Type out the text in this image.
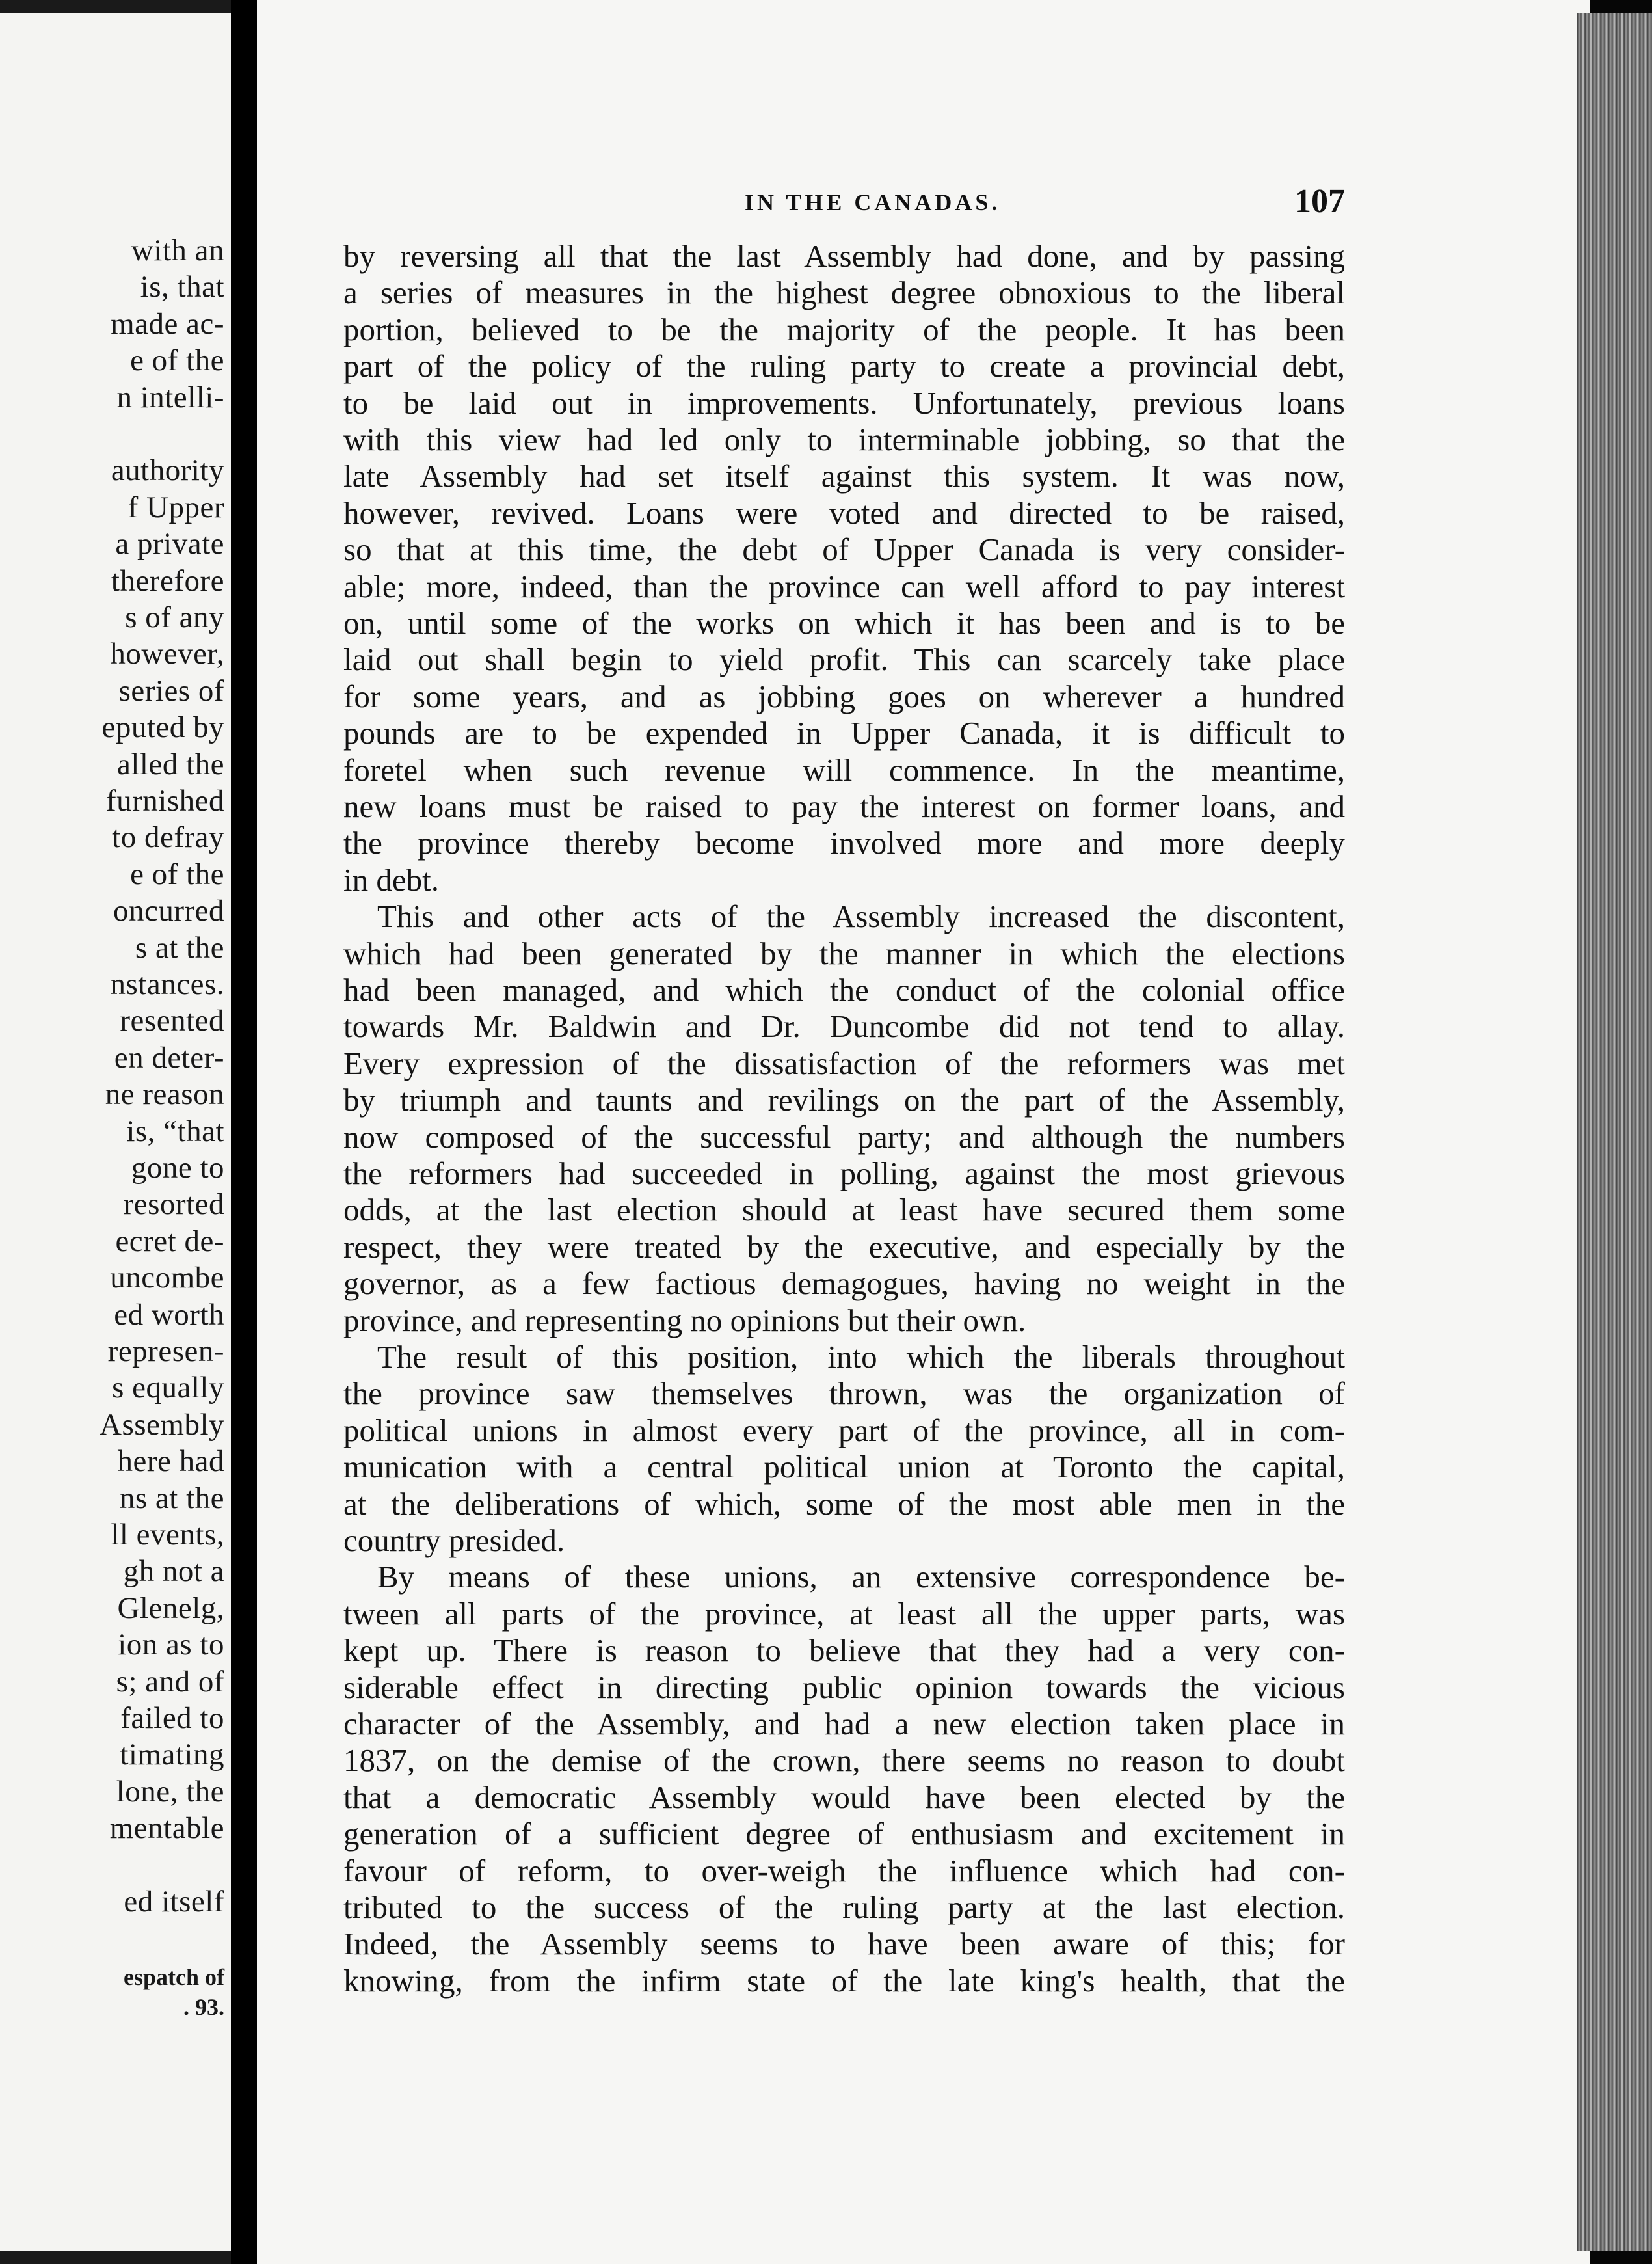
with an
is, that
made ac-
e of the
n intelli-
authority
f Upper
a private
therefore
s of any
however,
series of
eputed by
alled the
furnished
to defray
e of the
oncurred
s at the
nstances.
resented
en deter-
ne reason
is, “that
gone to
resorted
ecret de-
uncombe
ed worth
represen-
s equally
Assembly
here had
ns at the
ll events,
gh not a
Glenelg,
ion as to
s; and of
failed to
timating
lone, the
mentable
ed itself
espatch of
. 93.
IN THE CANADAS.	107
by reversing all that the last Assembly had done, and by passing
a series of measures in the highest degree obnoxious to the liberal
portion, believed to be the majority of the people. It has been
part of the policy of the ruling party to create a provincial debt,
to be laid out in improvements. Unfortunately, previous loans
with this view had led only to interminable jobbing, so that the
late Assembly had set itself against this system. It was now,
however, revived. Loans were voted and directed to be raised,
so that at this time, the debt of Upper Canada is very consider-
able; more, indeed, than the province can well afford to pay interest
on, until some of the works on which it has been and is to be
laid out shall begin to yield profit. This can scarcely take place
for some years, and as jobbing goes on wherever a hundred
pounds are to be expended in Upper Canada, it is difficult to
foretel when such revenue will commence. In the meantime,
new loans must be raised to pay the interest on former loans, and
the province thereby become involved more and more deeply
in debt.
This and other acts of the Assembly increased the discontent,
which had been generated by the manner in which the elections
had been managed, and which the conduct of the colonial office
towards Mr. Baldwin and Dr. Duncombe did not tend to allay.
Every expression of the dissatisfaction of the reformers was met
by triumph and taunts and revilings on the part of the Assembly,
now composed of the successful party; and although the numbers
the reformers had succeeded in polling, against the most grievous
odds, at the last election should at least have secured them some
respect, they were treated by the executive, and especially by the
governor, as a few factious demagogues, having no weight in the
province, and representing no opinions but their own.
The result of this position, into which the liberals throughout
the province saw themselves thrown, was the organization of
political unions in almost every part of the province, all in com-
munication with a central political union at Toronto the capital,
at the deliberations of which, some of the most able men in the
country presided.
By means of these unions, an extensive correspondence be-
tween all parts of the province, at least all the upper parts, was
kept up. There is reason to believe that they had a very con-
siderable effect in directing public opinion towards the vicious
character of the Assembly, and had a new election taken place in
1837, on the demise of the crown, there seems no reason to doubt
that a democratic Assembly would have been elected by the
generation of a sufficient degree of enthusiasm and excitement in
favour of reform, to over-weigh the influence which had con-
tributed to the success of the ruling party at the last election.
Indeed, the Assembly seems to have been aware of this; for
knowing, from the infirm state of the late king's health, that the
